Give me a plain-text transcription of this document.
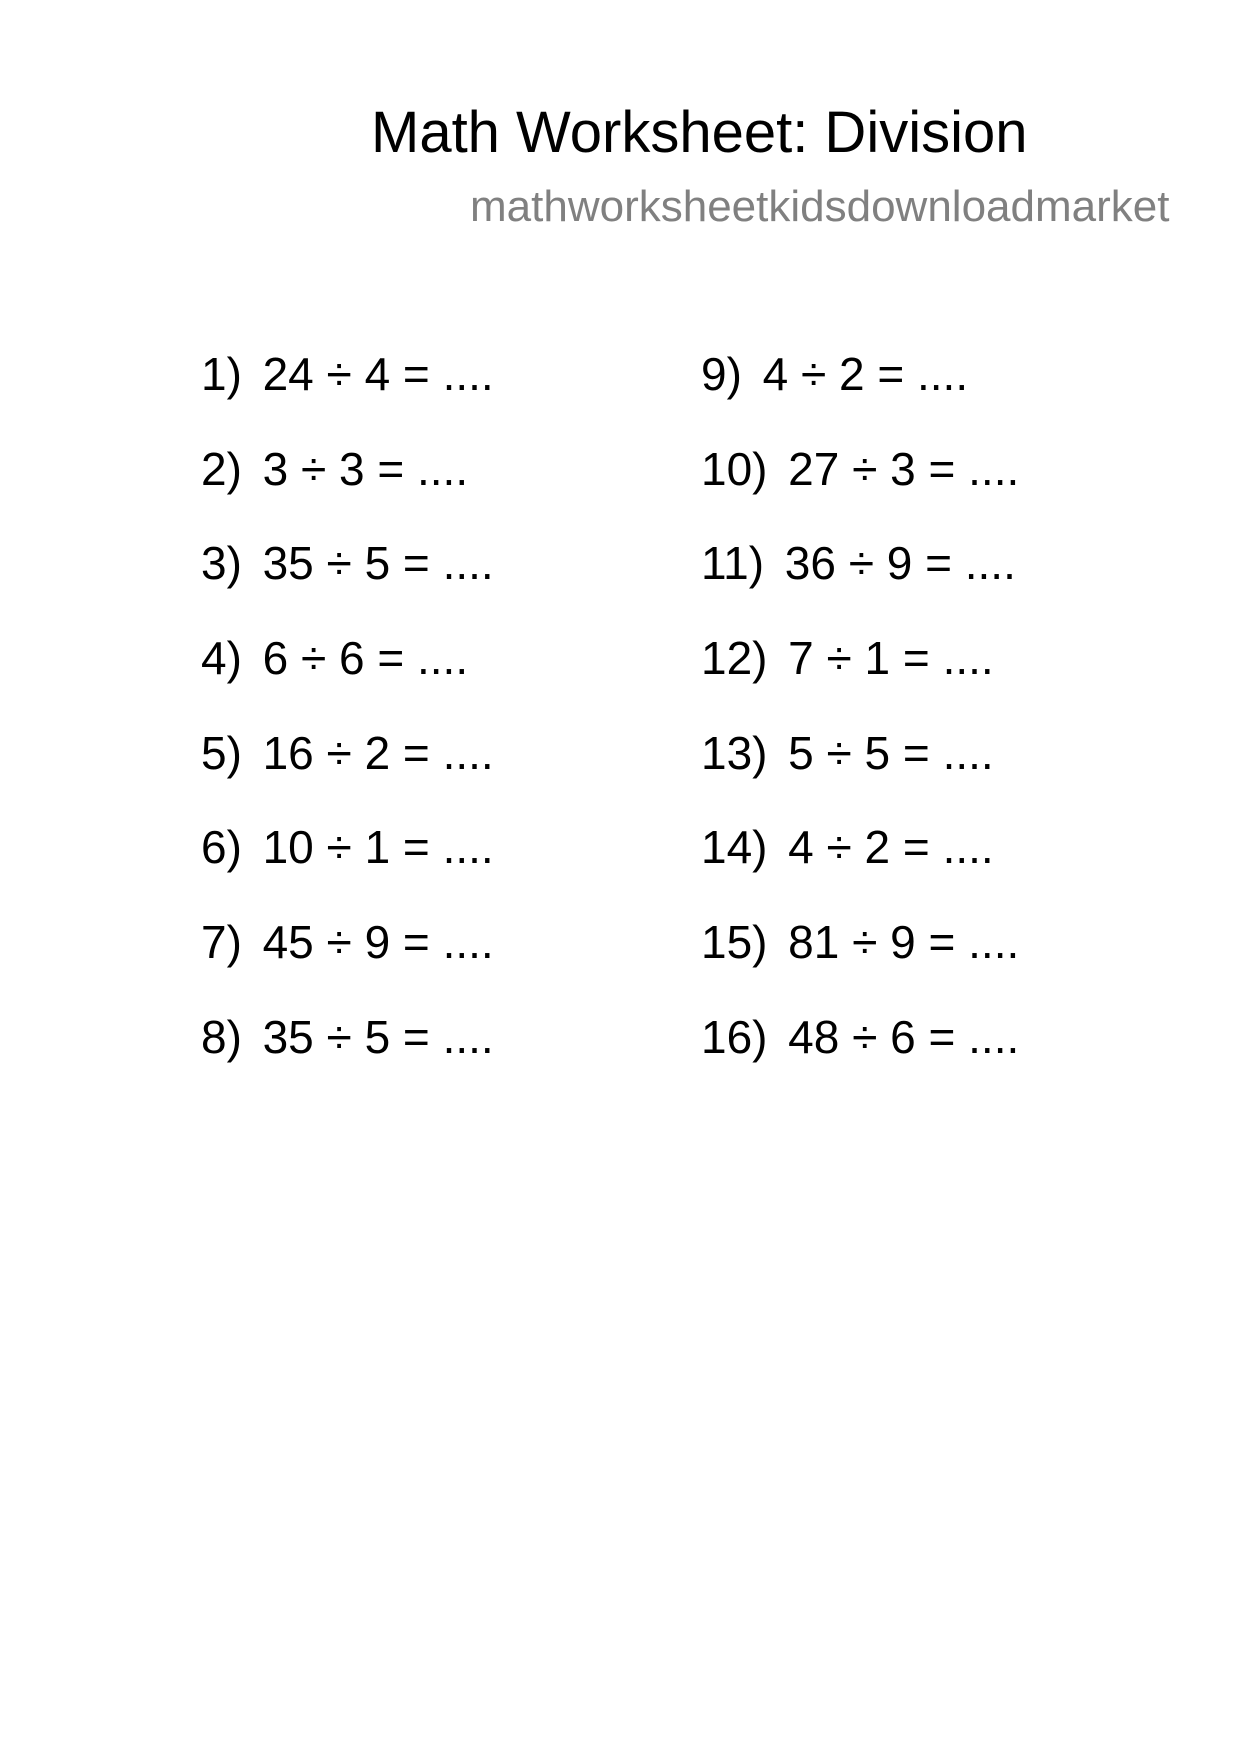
Math Worksheet: Division
mathworksheetkidsdownloadmarket
1) 24 ÷ 4 = ....
2) 3 ÷ 3 = ....
3) 35 ÷ 5 = ....
4) 6 ÷ 6 = ....
5) 16 ÷ 2 = ....
6) 10 ÷ 1 = ....
7) 45 ÷ 9 = ....
8) 35 ÷ 5 = ....
9) 4 ÷ 2 = ....
10) 27 ÷ 3 = ....
11) 36 ÷ 9 = ....
12) 7 ÷ 1 = ....
13) 5 ÷ 5 = ....
14) 4 ÷ 2 = ....
15) 81 ÷ 9 = ....
16) 48 ÷ 6 = ....
